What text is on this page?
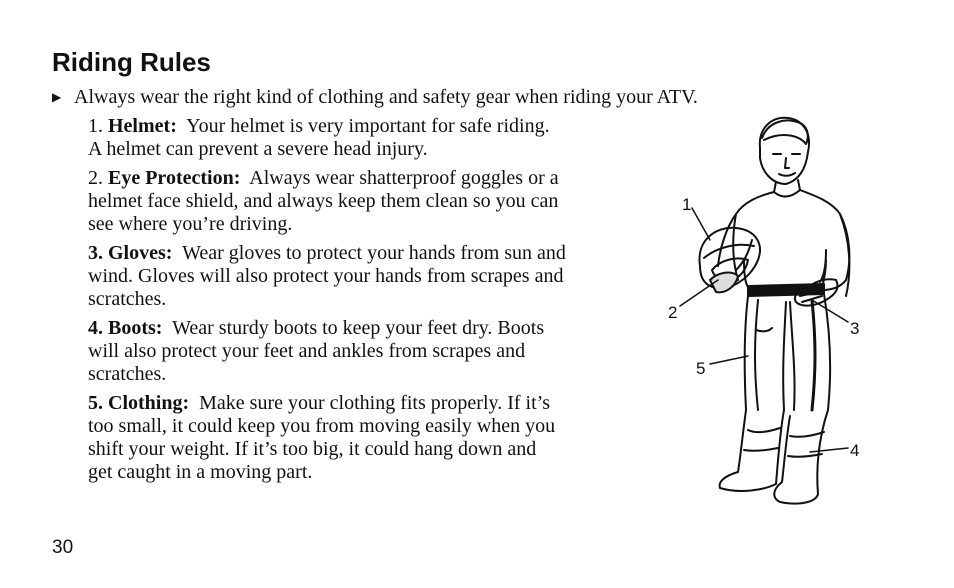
Riding Rules
▶ Always wear the right kind of clothing and safety gear when riding your ATV.

1. Helmet: Your helmet is very important for safe riding.
A helmet can prevent a severe head injury.

2. Eye Protection: Always wear shatterproof goggles or a
helmet face shield, and always keep them clean so you can
see where you’re driving.

3. Gloves: Wear gloves to protect your hands from sun and
wind. Gloves will also protect your hands from scrapes and
scratches.

4. Boots: Wear sturdy boots to keep your feet dry. Boots
will also protect your feet and ankles from scrapes and
scratches.

5. Clothing: Make sure your clothing fits properly. If it’s
too small, it could keep you from moving easily when you
shift your weight. If it’s too big, it could hang down and
get caught in a moving part.

1
2
3
4
5
30
